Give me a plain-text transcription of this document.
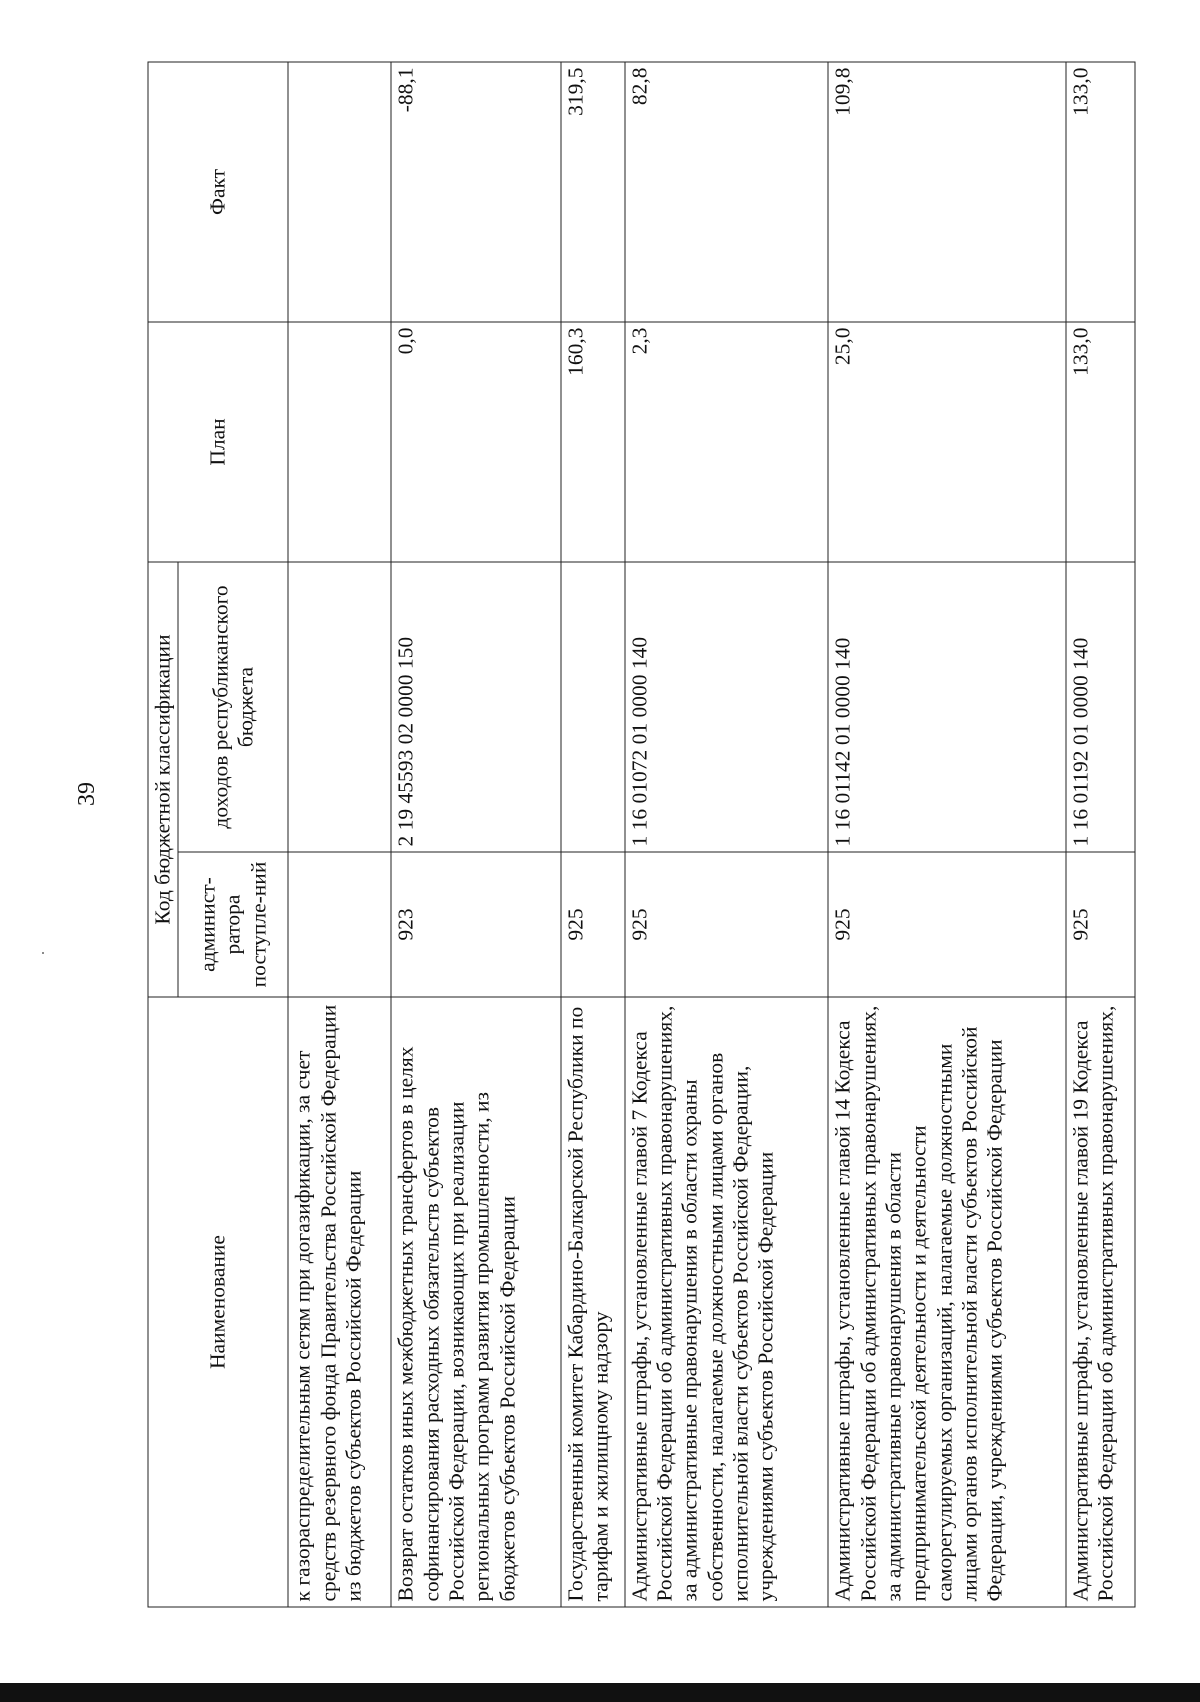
39
Наименование	Код бюджетной классификации		План	Факт
	админист-ратора поступле-ний	доходов республиканского бюджета		
к газораспределительным сетям при догазификации, за счет средств резервного фонда Правительства Российской Федерации из бюджетов субъектов Российской Федерации				
Возврат остатков иных межбюджетных трансфертов в целях софинансирования расходных обязательств субъектов Российской Федерации, возникающих при реализации региональных программ развития промышленности, из бюджетов субъектов Российской Федерации	923	2 19 45593 02 0000 150	0,0	-88,1
Государственный комитет Кабардино-Балкарской Республики по тарифам и жилищному надзору	925		160,3	319,5
Административные штрафы, установленные главой 7 Кодекса Российской Федерации об административных правонарушениях, за административные правонарушения в области охраны собственности, налагаемые должностными лицами органов исполнительной власти субъектов Российской Федерации, учреждениями субъектов Российской Федерации	925	1 16 01072 01 0000 140	2,3	82,8
Административные штрафы, установленные главой 14 Кодекса Российской Федерации об административных правонарушениях, за административные правонарушения в области предпринимательской деятельности и деятельности саморегулируемых организаций, налагаемые должностными лицами органов исполнительной власти субъектов Российской Федерации, учреждениями субъектов Российской Федерации	925	1 16 01142 01 0000 140	25,0	109,8
Административные штрафы, установленные главой 19 Кодекса Российской Федерации об административных правонарушениях,	925	1 16 01192 01 0000 140	133,0	133,0
